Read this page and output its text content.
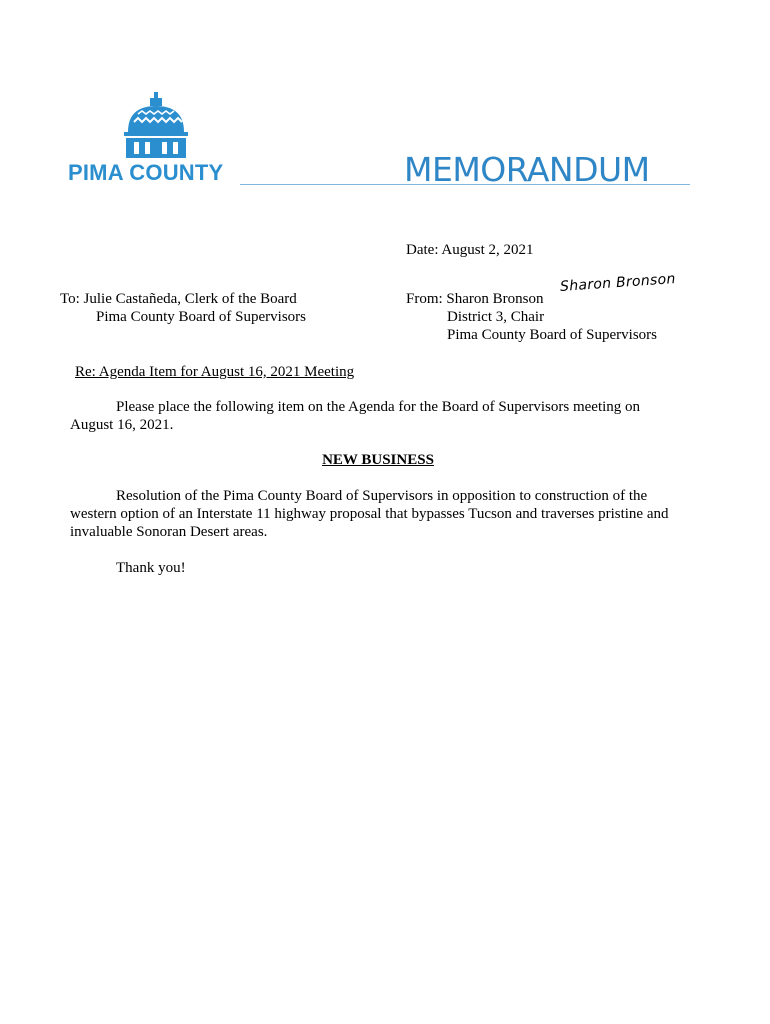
PIMA COUNTY	MEMORANDUM
Date: August 2, 2021
To: Julie Castañeda, Clerk of the Board
Pima County Board of Supervisors
From: Sharon Bronson
Sharon Bronson
District 3, Chair
Pima County Board of Supervisors
Re: Agenda Item for August 16, 2021 Meeting
Please place the following item on the Agenda for the Board of Supervisors meeting on August 16, 2021.
NEW BUSINESS
Resolution of the Pima County Board of Supervisors in opposition to construction of the western option of an Interstate 11 highway proposal that bypasses Tucson and traverses pristine and invaluable Sonoran Desert areas.
Thank you!
